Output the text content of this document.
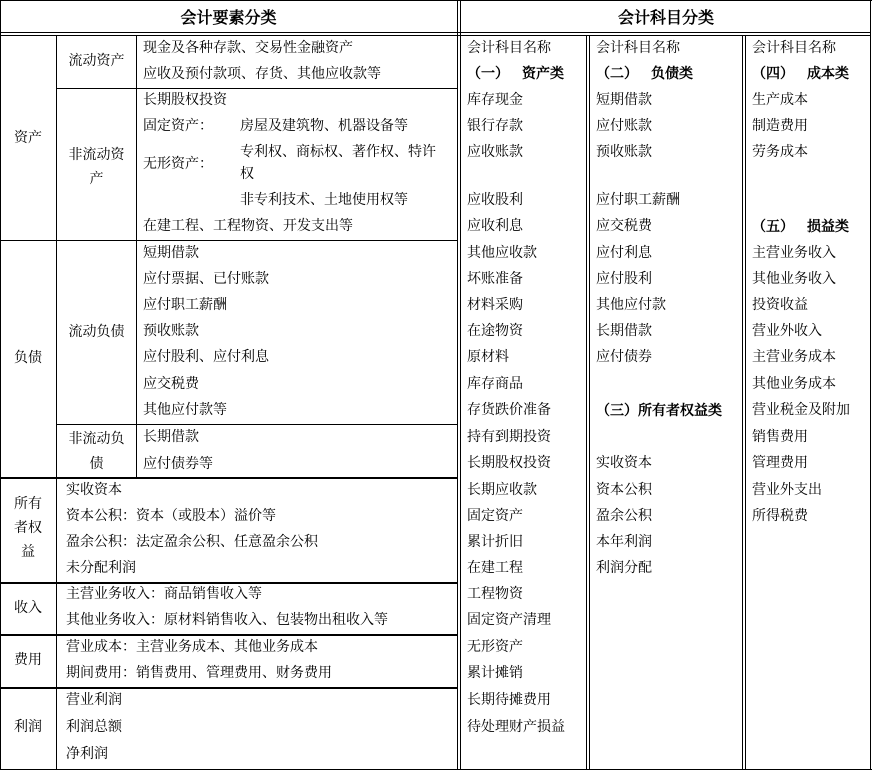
会计要素分类	会计科目分类
资产
流动资产
现金及各种存款、交易性金融资产
应收及预付款项、存货、其他应收款等
非流动资
产
长期股权投资
固定资产： 房屋及建筑物、机器设备等
无形资产：
专利权、商标权、著作权、特许
权
非专利技术、土地使用权等
在建工程、工程物资、开发支出等
负债
流动负债
短期借款
应付票据、已付账款
应付职工薪酬
预收账款
应付股利、应付利息
应交税费
其他应付款等
非流动负
债
长期借款
应付债券等
所有
者权
益
实收资本
资本公积：资本（或股本）溢价等
盈余公积：法定盈余公积、任意盈余公积
未分配利润
收入
主营业务收入：商品销售收入等
其他业务收入：原材料销售收入、包装物出租收入等
费用
营业成本：主营业务成本、其他业务成本
期间费用：销售费用、管理费用、财务费用
利润
营业利润
利润总额
净利润
会计科目名称
（一） 资产类
库存现金
银行存款
应收账款
应收股利
应收利息
其他应收款
坏账准备
材料采购
在途物资
原材料
库存商品
存货跌价准备
持有到期投资
长期股权投资
长期应收款
固定资产
累计折旧
在建工程
工程物资
固定资产清理
无形资产
累计摊销
长期待摊费用
待处理财产损益
会计科目名称
（二） 负债类
短期借款
应付账款
预收账款
应付职工薪酬
应交税费
应付利息
应付股利
其他应付款
长期借款
应付债券
（三）所有者权益类
实收资本
资本公积
盈余公积
本年利润
利润分配
会计科目名称
（四） 成本类
生产成本
制造费用
劳务成本
（五） 损益类
主营业务收入
其他业务收入
投资收益
营业外收入
主营业务成本
其他业务成本
营业税金及附加
销售费用
管理费用
营业外支出
所得税费
